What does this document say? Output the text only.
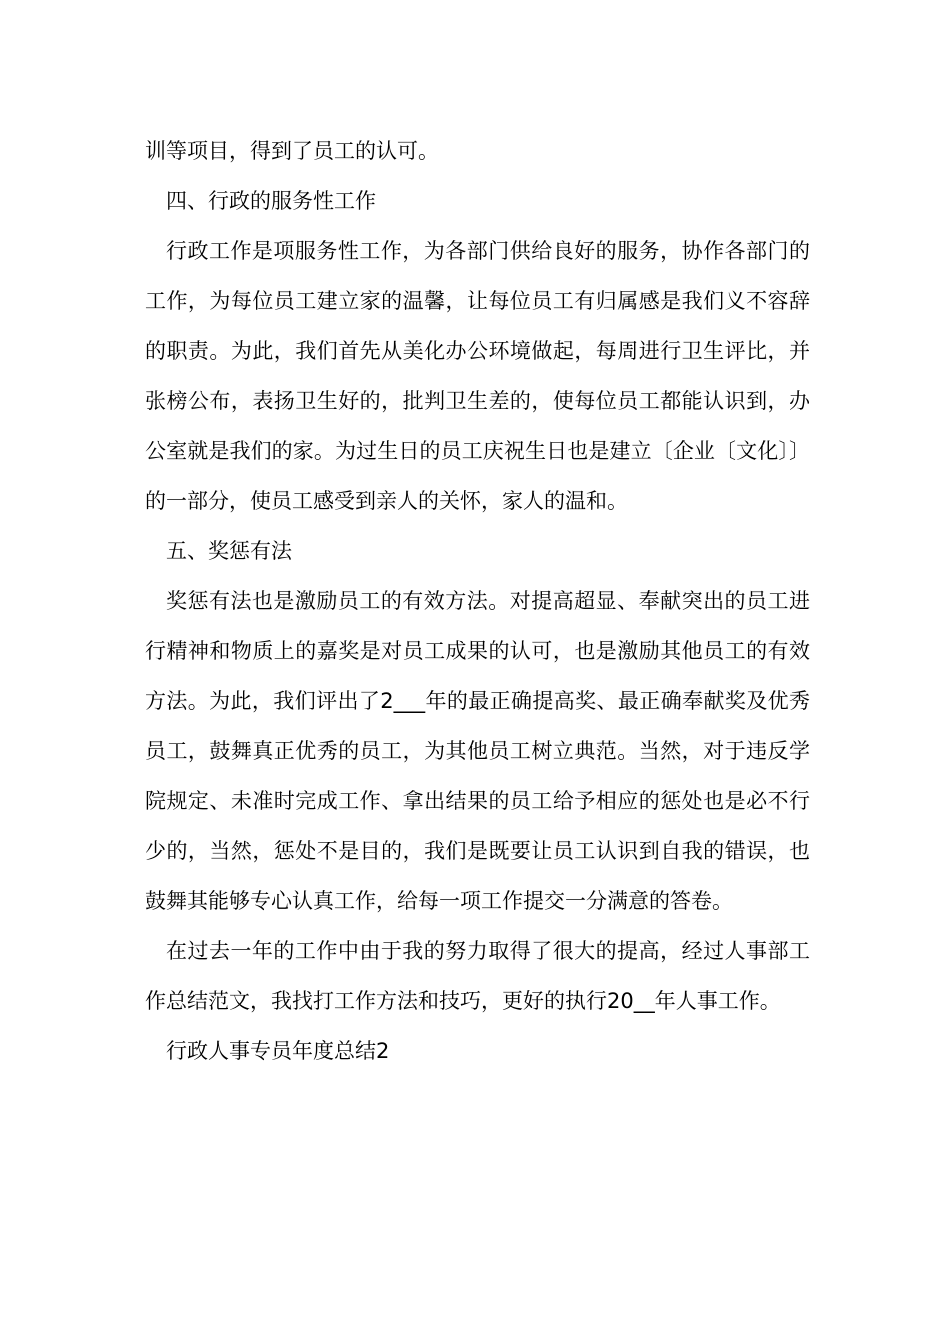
训等项目，得到了员工的认可。

四、行政的服务性工作

行政工作是项服务性工作，为各部门供给良好的服务，协作各部门的工作，为每位员工建立家的温馨，让每位员工有归属感是我们义不容辞的职责。为此，我们首先从美化办公环境做起，每周进行卫生评比，并张榜公布，表扬卫生好的，批判卫生差的，使每位员工都能认识到，办公室就是我们的家。为过生日的员工庆祝生日也是建立〔企业〔文化〕〕的一部分，使员工感受到亲人的关怀，家人的温和。

五、奖惩有法

奖惩有法也是激励员工的有效方法。对提高超显、奉献突出的员工进行精神和物质上的嘉奖是对员工成果的认可，也是激励其他员工的有效方法。为此，我们评出了2___年的最正确提高奖、最正确奉献奖及优秀员工，鼓舞真正优秀的员工，为其他员工树立典范。当然，对于违反学院规定、未准时完成工作、拿出结果的员工给予相应的惩处也是必不行少的，当然，惩处不是目的，我们是既要让员工认识到自我的错误，也鼓舞其能够专心认真工作，给每一项工作提交一分满意的答卷。

在过去一年的工作中由于我的努力取得了很大的提高，经过人事部工作总结范文，我找打工作方法和技巧，更好的执行20__年人事工作。

行政人事专员年度总结2
